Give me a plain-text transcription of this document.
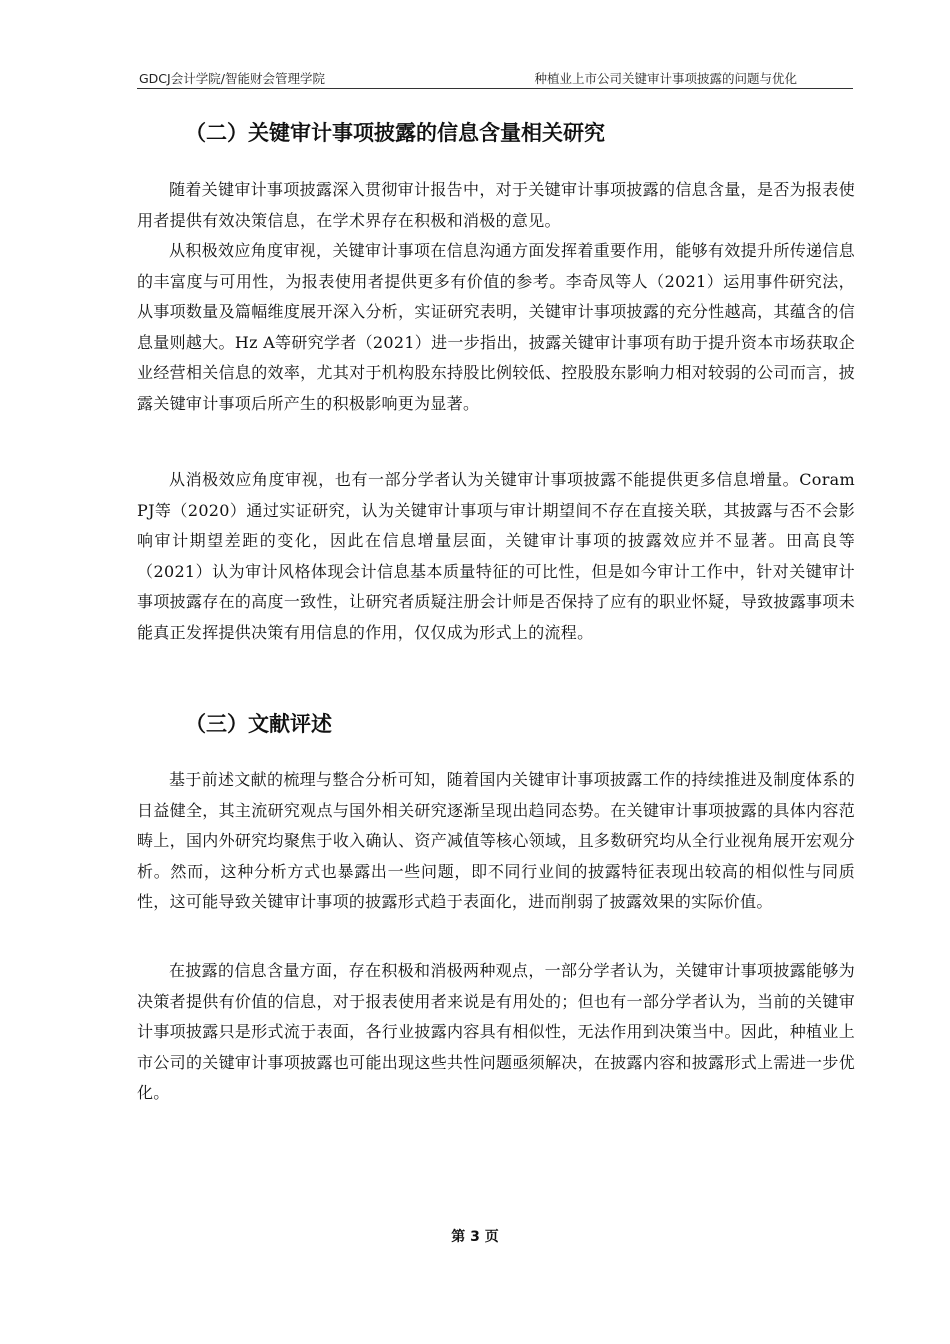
GDCJ会计学院/智能财会管理学院	种植业上市公司关键审计事项披露的问题与优化
（二）关键审计事项披露的信息含量相关研究

随着关键审计事项披露深入贯彻审计报告中，对于关键审计事项披露的信息含量，是否为报表使用者提供有效决策信息，在学术界存在积极和消极的意见。

从积极效应角度审视，关键审计事项在信息沟通方面发挥着重要作用，能够有效提升所传递信息的丰富度与可用性，为报表使用者提供更多有价值的参考。李奇凤等人（2021）运用事件研究法，从事项数量及篇幅维度展开深入分析，实证研究表明，关键审计事项披露的充分性越高，其蕴含的信息量则越大。Hz A等研究学者（2021）进一步指出，披露关键审计事项有助于提升资本市场获取企业经营相关信息的效率，尤其对于机构股东持股比例较低、控股股东影响力相对较弱的公司而言，披露关键审计事项后所产生的积极影响更为显著。

从消极效应角度审视，也有一部分学者认为关键审计事项披露不能提供更多信息增量。Coram PJ等（2020）通过实证研究，认为关键审计事项与审计期望间不存在直接关联，其披露与否不会影响审计期望差距的变化，因此在信息增量层面，关键审计事项的披露效应并不显著。田高良等（2021）认为审计风格体现会计信息基本质量特征的可比性，但是如今审计工作中，针对关键审计事项披露存在的高度一致性，让研究者质疑注册会计师是否保持了应有的职业怀疑，导致披露事项未能真正发挥提供决策有用信息的作用，仅仅成为形式上的流程。

（三）文献评述

基于前述文献的梳理与整合分析可知，随着国内关键审计事项披露工作的持续推进及制度体系的日益健全，其主流研究观点与国外相关研究逐渐呈现出趋同态势。在关键审计事项披露的具体内容范畴上，国内外研究均聚焦于收入确认、资产减值等核心领域，且多数研究均从全行业视角展开宏观分析。然而，这种分析方式也暴露出一些问题，即不同行业间的披露特征表现出较高的相似性与同质性，这可能导致关键审计事项的披露形式趋于表面化，进而削弱了披露效果的实际价值。

在披露的信息含量方面，存在积极和消极两种观点，一部分学者认为，关键审计事项披露能够为决策者提供有价值的信息，对于报表使用者来说是有用处的；但也有一部分学者认为，当前的关键审计事项披露只是形式流于表面，各行业披露内容具有相似性，无法作用到决策当中。因此，种植业上市公司的关键审计事项披露也可能出现这些共性问题亟须解决，在披露内容和披露形式上需进一步优化。

第 3 页
